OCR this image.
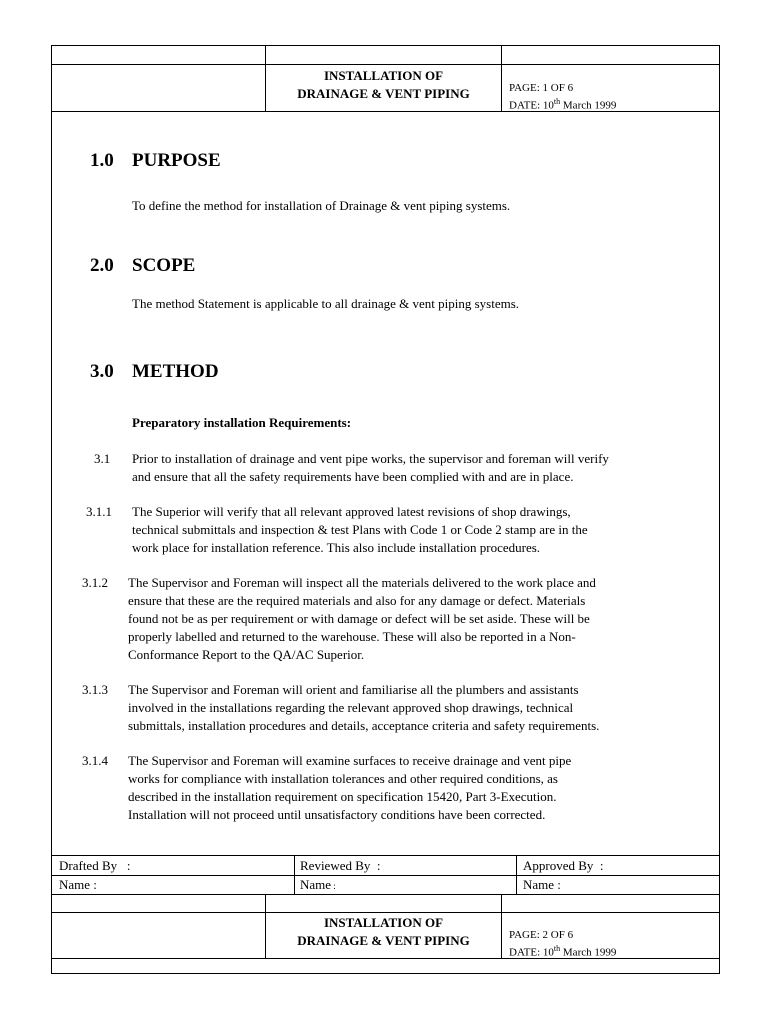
INSTALLATION OF
DRAINAGE & VENT PIPING	PAGE: 1 OF 6
DATE: 10th March 1999
1.0 PURPOSE
To define the method for installation of Drainage & vent piping systems.
2.0 SCOPE
The method Statement is applicable to all drainage & vent piping systems.
3.0 METHOD
Preparatory installation Requirements:
3.1 Prior to installation of drainage and vent pipe works, the supervisor and foreman will verify
and ensure that all the safety requirements have been complied with and are in place.
3.1.1 The Superior will verify that all relevant approved latest revisions of shop drawings,
technical submittals and inspection & test Plans with Code 1 or Code 2 stamp are in the
work place for installation reference. This also include installation procedures.
3.1.2 The Supervisor and Foreman will inspect all the materials delivered to the work place and
ensure that these are the required materials and also for any damage or defect. Materials
found not be as per requirement or with damage or defect will be set aside. These will be
properly labelled and returned to the warehouse. These will also be reported in a Non-
Conformance Report to the QA/AC Superior.
3.1.3 The Supervisor and Foreman will orient and familiarise all the plumbers and assistants
involved in the installations regarding the relevant approved shop drawings, technical
submittals, installation procedures and details, acceptance criteria and safety requirements.
3.1.4 The Supervisor and Foreman will examine surfaces to receive drainage and vent pipe
works for compliance with installation tolerances and other required conditions, as
described in the installation requirement on specification 15420, Part 3-Execution.
Installation will not proceed until unsatisfactory conditions have been corrected.
Drafted By   :	Reviewed By  :	Approved By  :
Name :	Name :	Name :
INSTALLATION OF
DRAINAGE & VENT PIPING	PAGE: 2 OF 6
DATE: 10th March 1999
